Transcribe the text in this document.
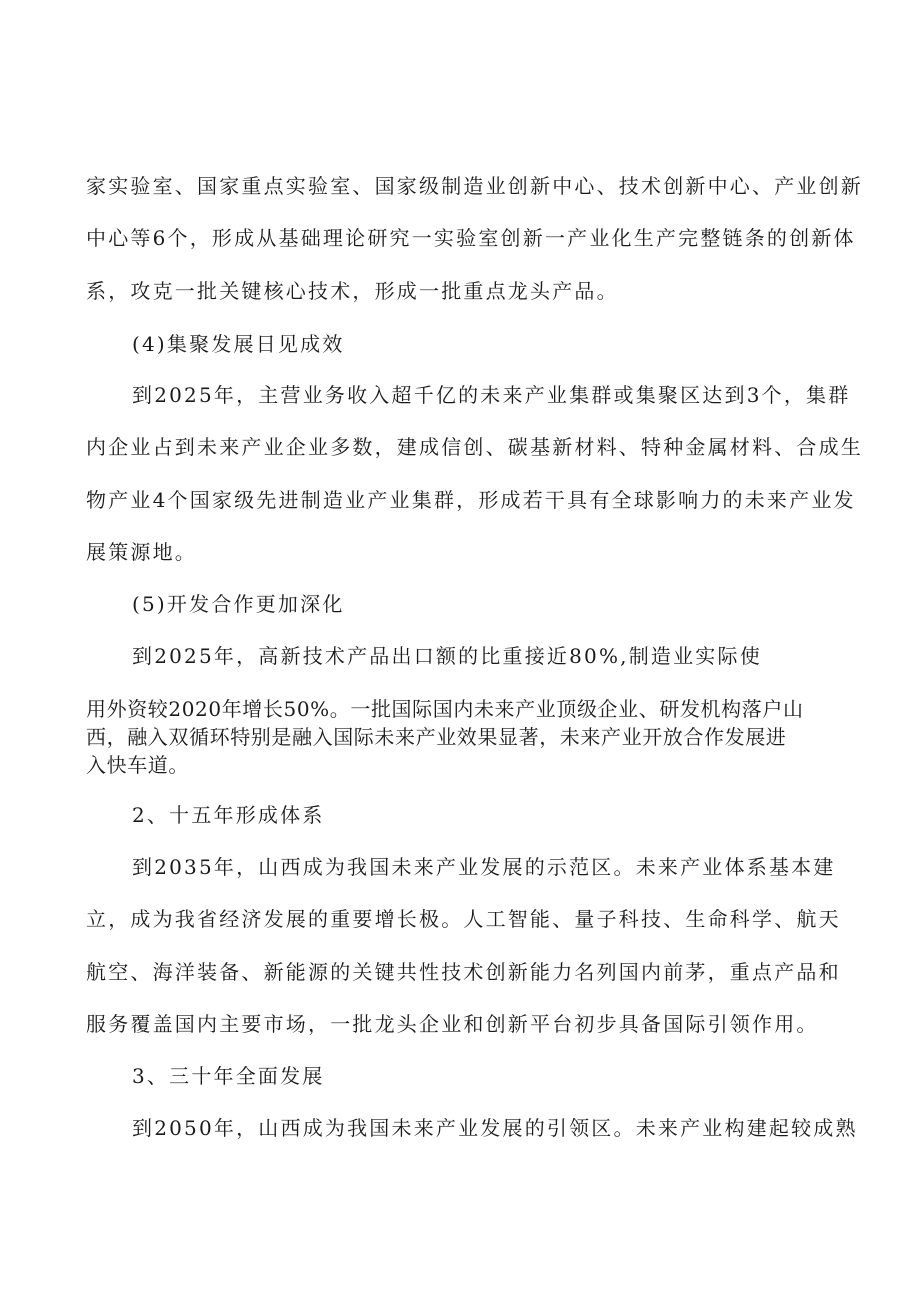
家实验室、国家重点实验室、国家级制造业创新中心、技术创新中心、产业创新
中心等6个，形成从基础理论研究一实验室创新一产业化生产完整链条的创新体
系，攻克一批关键核心技术，形成一批重点龙头产品。
(4)集聚发展日见成效
到2025年，主营业务收入超千亿的未来产业集群或集聚区达到3个，集群
内企业占到未来产业企业多数，建成信创、碳基新材料、特种金属材料、合成生
物产业4个国家级先进制造业产业集群，形成若干具有全球影响力的未来产业发
展策源地。
(5)开发合作更加深化
到2025年，高新技术产品出口额的比重接近80%,制造业实际使
用外资较2020年增长50%。一批国际国内未来产业顶级企业、研发机构落户山
西，融入双循环特别是融入国际未来产业效果显著，未来产业开放合作发展进
入快车道。
2、十五年形成体系
到2035年，山西成为我国未来产业发展的示范区。未来产业体系基本建
立，成为我省经济发展的重要增长极。人工智能、量子科技、生命科学、航天
航空、海洋装备、新能源的关键共性技术创新能力名列国内前茅，重点产品和
服务覆盖国内主要市场，一批龙头企业和创新平台初步具备国际引领作用。
3、三十年全面发展
到2050年，山西成为我国未来产业发展的引领区。未来产业构建起较成熟
